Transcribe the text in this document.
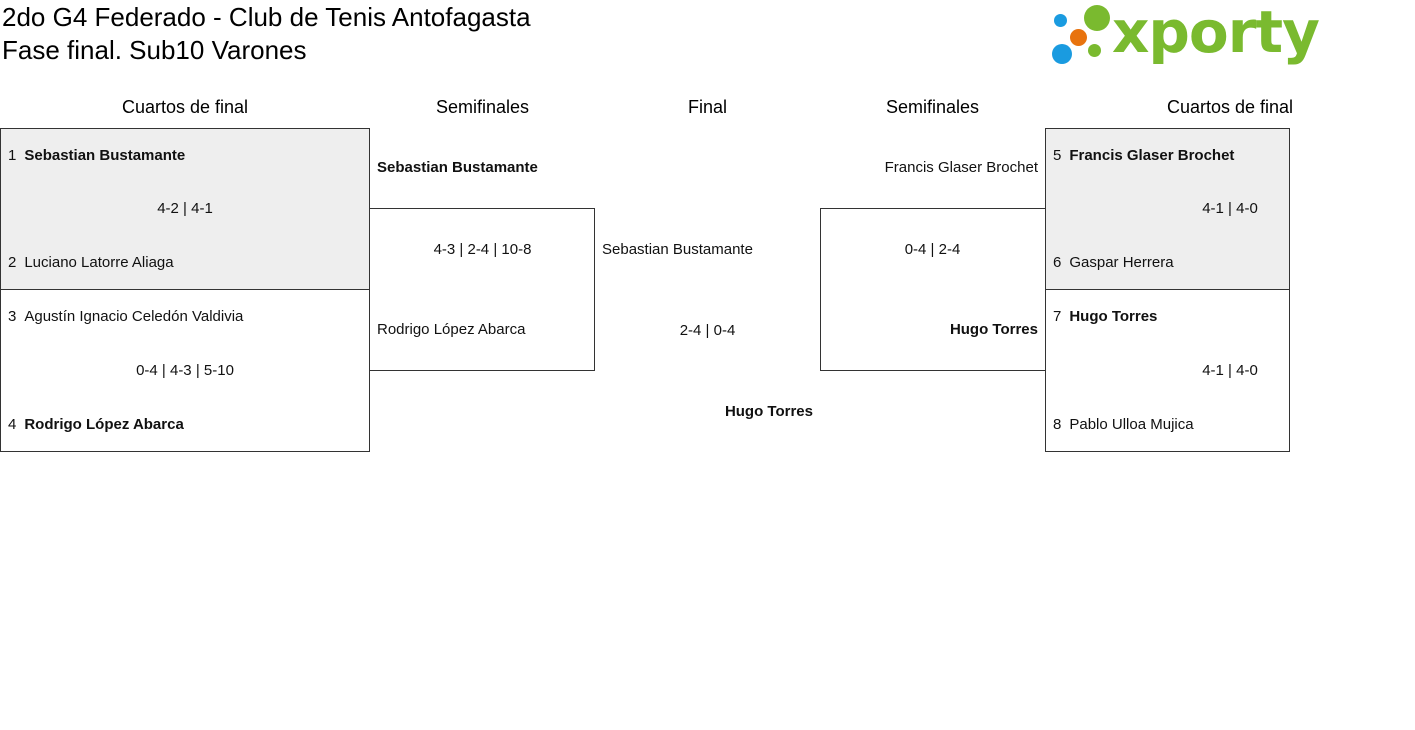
2do G4 Federado - Club de Tenis Antofagasta
Fase final. Sub10 Varones	xporty
Cuartos de final	Semifinales	Final	Semifinales	Cuartos de final
1 Sebastian Bustamante
4-2 | 4-1
2 Luciano Latorre Aliaga
3 Agustín Ignacio Celedón Valdivia
0-4 | 4-3 | 5-10
4 Rodrigo López Abarca
Sebastian Bustamante
4-3 | 2-4 | 10-8
Rodrigo López Abarca
Sebastian Bustamante
2-4 | 0-4
Hugo Torres
Francis Glaser Brochet
0-4 | 2-4
Hugo Torres
5 Francis Glaser Brochet
4-1 | 4-0
6 Gaspar Herrera
7 Hugo Torres
4-1 | 4-0
8 Pablo Ulloa Mujica
